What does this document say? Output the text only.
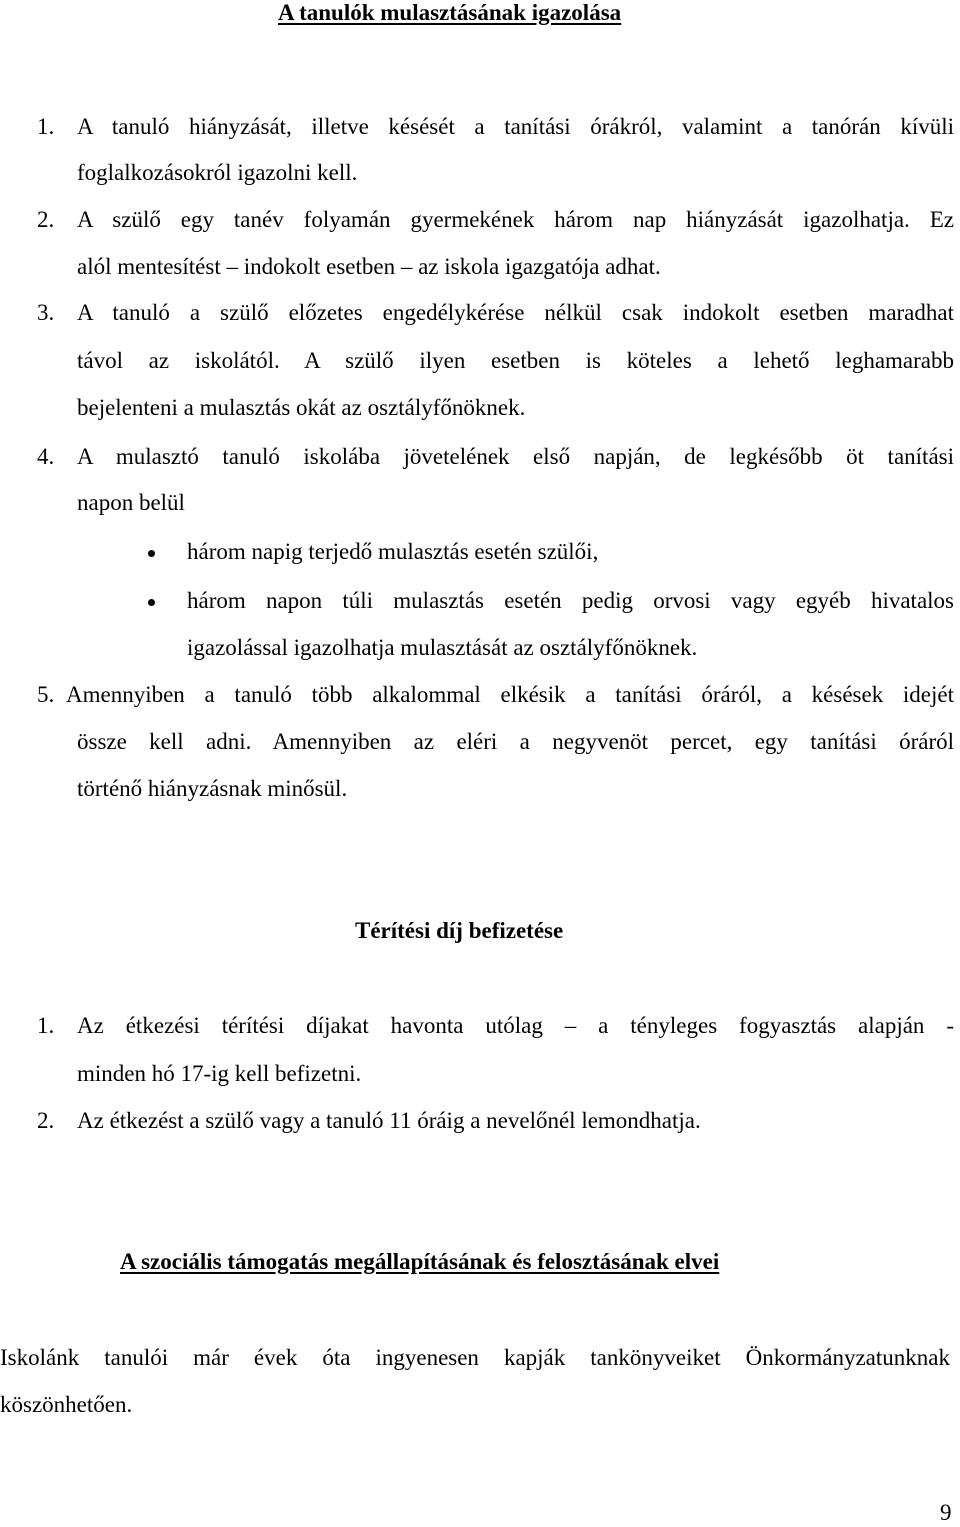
A tanulók mulasztásának igazolása
1. A tanuló hiányzását, illetve késését a tanítási órákról, valamint a tanórán kívüli
foglalkozásokról igazolni kell.
2. A szülő egy tanév folyamán gyermekének három nap hiányzását igazolhatja. Ez
alól mentesítést – indokolt esetben – az iskola igazgatója adhat.
3. A tanuló a szülő előzetes engedélykérése nélkül csak indokolt esetben maradhat
távol az iskolától. A szülő ilyen esetben is köteles a lehető leghamarabb
bejelenteni a mulasztás okát az osztályfőnöknek.
4. A mulasztó tanuló iskolába jövetelének első napján, de legkésőbb öt tanítási
napon belül
három napig terjedő mulasztás esetén szülői,
három napon túli mulasztás esetén pedig orvosi vagy egyéb hivatalos
igazolással igazolhatja mulasztását az osztályfőnöknek.
5. Amennyiben a tanuló több alkalommal elkésik a tanítási óráról, a késések idejét
össze kell adni. Amennyiben az eléri a negyvenöt percet, egy tanítási óráról
történő hiányzásnak minősül.
Térítési díj befizetése
1. Az étkezési térítési díjakat havonta utólag – a tényleges fogyasztás alapján -
minden hó 17-ig kell befizetni.
2. Az étkezést a szülő vagy a tanuló 11 óráig a nevelőnél lemondhatja.
A szociális támogatás megállapításának és felosztásának elvei
Iskolánk tanulói már évek óta ingyenesen kapják tankönyveiket Önkormányzatunknak
köszönhetően.
9
